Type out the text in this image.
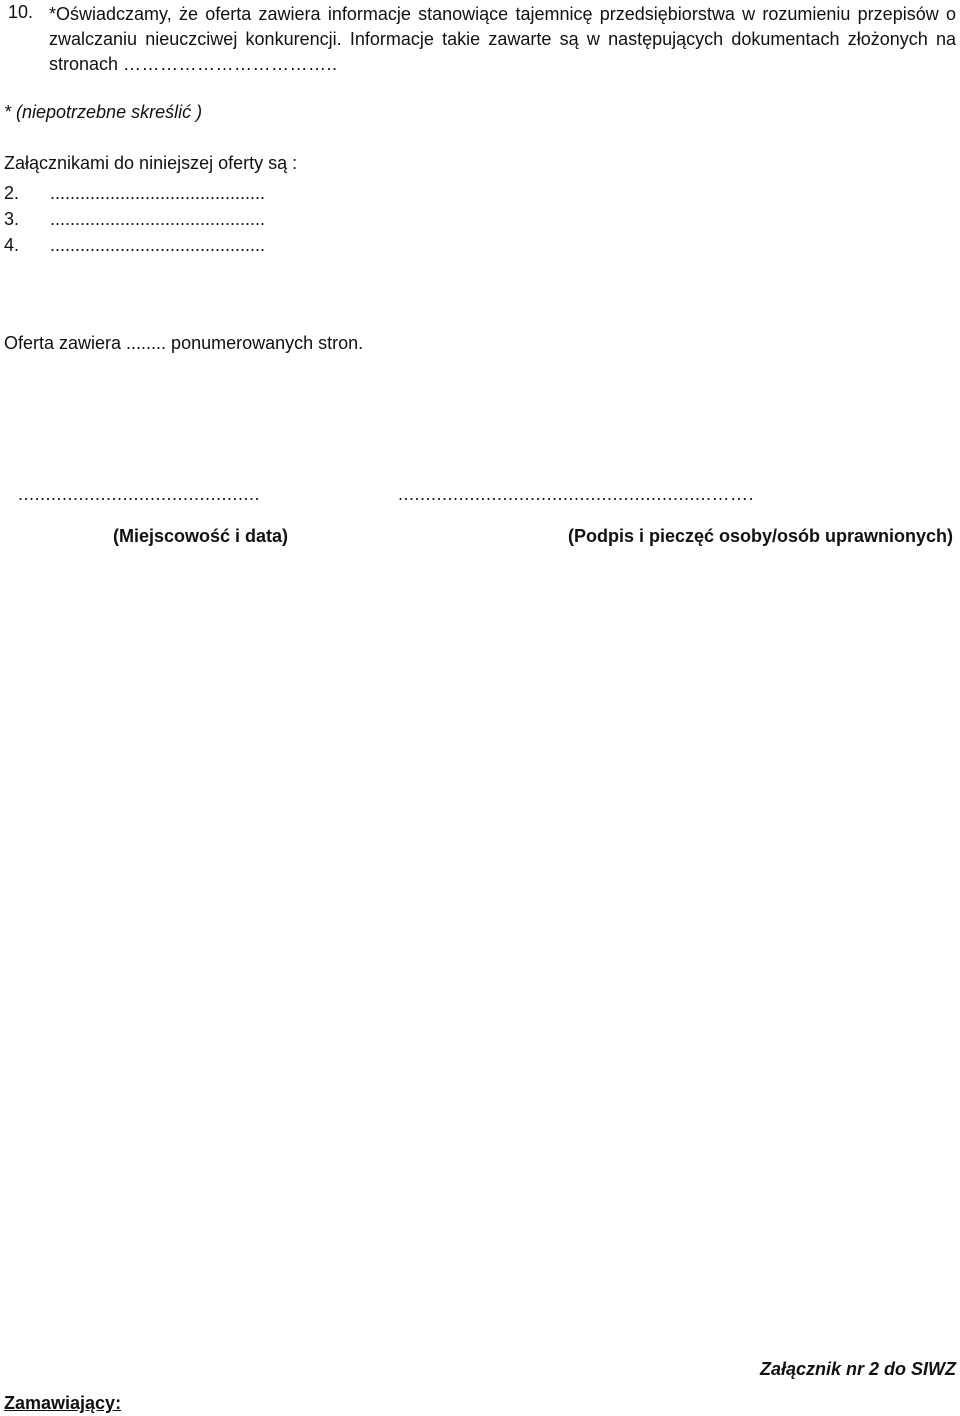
10. *Oświadczamy, że oferta zawiera informacje stanowiące tajemnicę przedsiębiorstwa w rozumieniu przepisów o zwalczaniu nieuczciwej konkurencji. Informacje takie zawarte są w następujących dokumentach złożonych na stronach ……………………………..
* (niepotrzebne skreślić )
Załącznikami do niniejszej oferty są :
2. ...........................................
3. ...........................................
4. ...........................................
Oferta zawiera ........ ponumerowanych stron.
............................................	.........................................................…….
(Miejscowość i data)	(Podpis i pieczęć osoby/osób uprawnionych)
Załącznik nr 2 do SIWZ
Zamawiający:
